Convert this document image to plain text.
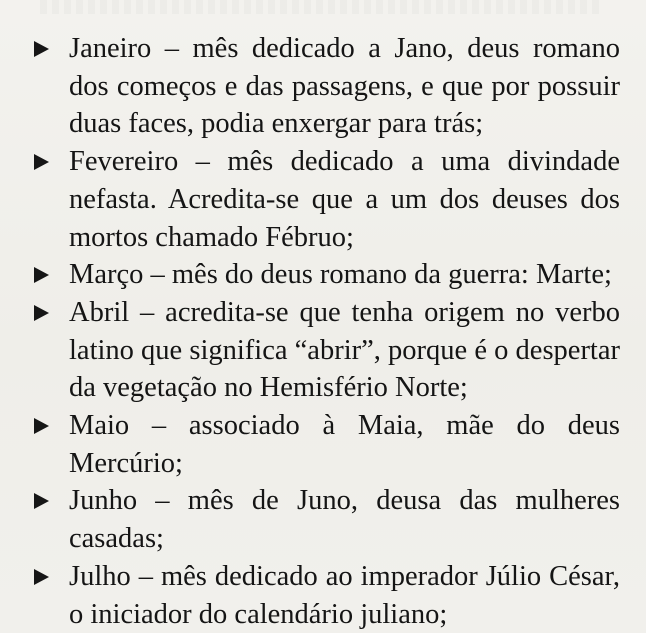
Janeiro – mês dedicado a Jano, deus romano dos começos e das passagens, e que por possuir duas faces, podia enxergar para trás;
Fevereiro – mês dedicado a uma divindade nefasta. Acredita-se que a um dos deuses dos mortos chamado Fébruo;
Março – mês do deus romano da guerra: Marte;
Abril – acredita-se que tenha origem no verbo latino que significa “abrir”, porque é o despertar da vegetação no Hemisfério Norte;
Maio – associado à Maia, mãe do deus Mercúrio;
Junho – mês de Juno, deusa das mulheres casadas;
Julho – mês dedicado ao imperador Júlio César, o iniciador do calendário juliano;
